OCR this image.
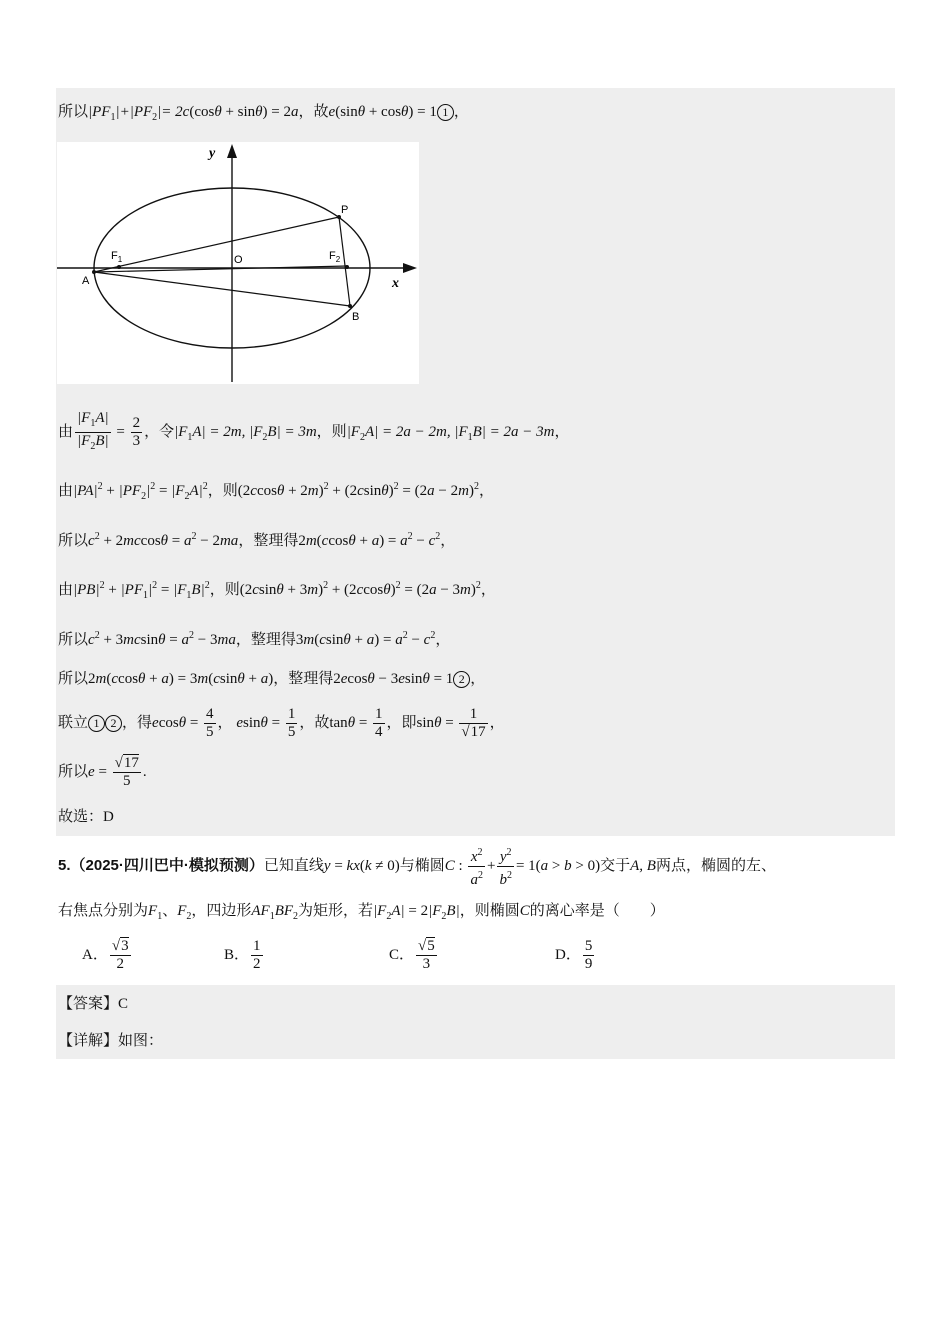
所以$|PF_1|+|PF_2|= 2c(\cos\theta + \sin\theta) = 2a$，故e(sinθ + cosθ) = 1 1 ，
y
x
O
P
$F_1$	$F_2$
A
B
由 $\frac{|F_1A|}{|F_2B|} = \frac{2}{3}$ ，令$|F_1A| = 2m$, $|F_2B| = 3m$，则$|F_2A| = 2a - 2m$, $|F_1B| = 2a - 3m$，
由$|PA|^2 + |PF_2|^2 = |F_2A|^2$，则$(2ccos\theta + 2m)^2 + (2csin\theta)^2 = (2a - 2m)^2$，
所以$c^2 + 2mccos\theta = a^2 - 2ma$，整理得$2m(ccos\theta + a) = a^2 - c^2$，
由$|PB|^2 + |PF_1|^2 = |F_1B|^2$，则$(2csin\theta + 3m)^2 + (2ccos\theta)^2 = (2a - 3m)^2$，
所以$c^2 + 3mcsin\theta = a^2 - 3ma$，整理得$3m(csin\theta + a) = a^2 - c^2$，
所以2m(ccosθ + a) = 3m(csinθ + a)，整理得2ecosθ − 3esinθ = 1 2 ，
联立 1 2 ，得$ecos\theta = \frac{4}{5}$ ， $esin\theta = \frac{1}{5}$ ，故$\tan\theta = \frac{1}{4}$ ，即$\sin\theta = \frac{1}{√17}$ ，
所以$e = \frac{√17}{5}$ .
故选：D
5.（2025·四川巴中·模拟预测）已知直线y = kx(k ≠ 0)与椭圆C : $\frac{x^2}{a^2} + \frac{y^2}{b^2} = 1(a > b > 0)$交于A, B两点，椭圆的左、
右焦点分别为$F_1$、$F_2$，四边形$AF_1BF_2$为矩形，若$|F_2A| = 2|F_2B|$，则椭圆C的离心率是（　　）
A． $\frac{√3}{2}$	B． $\frac{1}{2}$	C． $\frac{√5}{3}$	D． $\frac{5}{9}$
【答案】C
【详解】如图：
